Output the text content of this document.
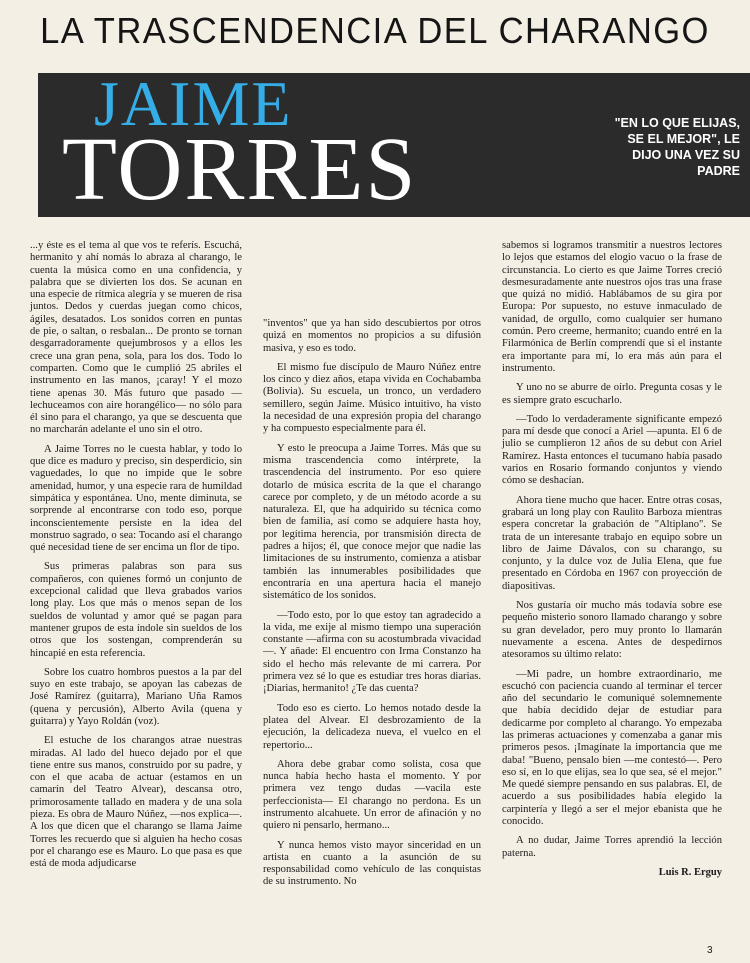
LA TRASCENDENCIA DEL CHARANGO
JAIME
TORRES	"EN LO QUE ELIJAS, SE EL MEJOR", LE DIJO UNA VEZ SU PADRE

...y éste es el tema al que vos te referís. Escuchá, hermanito y ahí nomás lo abraza al charango, le cuenta la música como en una confidencia, y palabra que se divierten los dos. Se acunan en una especie de rítmica alegría y se mueren de risa juntos. Dedos y cuerdas juegan como chicos, ágiles, desatados. Los sonidos corren en puntas de pie, o saltan, o resbalan... De pronto se tornan desgarradoramente quejumbrosos y a ellos les crece una gran pena, sola, para los dos. Todo lo comparten. Como que le cumplió 25 abriles el instrumento en las manos, ¡caray! Y el mozo tiene apenas 30. Más futuro que pasado —lechuceamos con aire horangélico— no sólo para él sino para el charango, ya que se descuenta que no marcharán adelante el uno sin el otro.

A Jaime Torres no le cuesta hablar, y todo lo que dice es maduro y preciso, sin desperdicio, sin vaguedades, lo que no impide que le sobre amenidad, humor, y una especie rara de humildad simpática y espontánea. Uno, mente diminuta, se sorprende al encontrarse con todo eso, porque inconscientemente persiste en la idea del monstruo sagrado, o sea: Tocando así el charango qué necesidad tiene de ser encima un flor de tipo.

Sus primeras palabras son para sus compañeros, con quienes formó un conjunto de excepcional calidad que lleva grabados varios long play. Los que más o menos sepan de los sueldos de voluntad y amor qué se pagan para mantener grupos de esta índole sin sueldos de los otros que los sostengan, comprenderán su hincapié en esta referencia.

Sobre los cuatro hombros puestos a la par del suyo en este trabajo, se apoyan las cabezas de José Ramírez (guitarra), Mariano Uña Ramos (quena y percusión), Alberto Avila (quena y guitarra) y Yayo Roldán (voz).

El estuche de los charangos atrae nuestras miradas. Al lado del hueco dejado por el que tiene entre sus manos, construido por su padre, y con el que acaba de actuar (estamos en un camarín del Teatro Alvear), descansa otro, primorosamente tallado en madera y de una sola pieza. Es obra de Mauro Núñez, —nos explica—. A los que dicen que el charango se llama Jaime Torres les recuerdo que si alguien ha hecho cosas por el charango ese es Mauro. Lo que pasa es que está de moda adjudicarse

"inventos" que ya han sido descubiertos por otros quizá en momentos no propicios a su difusión masiva, y eso es todo.

El mismo fue discípulo de Mauro Núñez entre los cinco y diez años, etapa vivida en Cochabamba (Bolivia). Su escuela, un tronco, un verdadero semillero, según Jaime. Músico intuitivo, ha visto la necesidad de una expresión propia del charango y ha compuesto especialmente para él.

Y esto le preocupa a Jaime Torres. Más que su misma trascendencia como intérprete, la trascendencia del instrumento. Por eso quiere dotarlo de música escrita de la que el charango carece por completo, y de un método acorde a su naturaleza. El, que ha adquirido su técnica como bien de familia, así como se adquiere hasta hoy, por legítima herencia, por transmisión directa de padres a hijos; él, que conoce mejor que nadie las limitaciones de su instrumento, comienza a atisbar también las innumerables posibilidades que encontraría en una apertura hacia el manejo sistemático de los sonidos.

—Todo esto, por lo que estoy tan agradecido a la vida, me exije al mismo tiempo una superación constante —afirma con su acostumbrada vivacidad—. Y añade: El encuentro con Irma Constanzo ha sido el hecho más relevante de mi carrera. Por primera vez sé lo que es estudiar tres horas diarias. ¡Diarias, hermanito! ¿Te das cuenta?

Todo eso es cierto. Lo hemos notado desde la platea del Alvear. El desbrozamiento de la ejecución, la delicadeza nueva, el vuelco en el repertorio...

Ahora debe grabar como solista, cosa que nunca había hecho hasta el momento. Y por primera vez tengo dudas —vacila este perfeccionista— El charango no perdona. Es un instrumento alcahuete. Un error de afinación y no quiero ni pensarlo, hermano...

Y nunca hemos visto mayor sinceridad en un artista en cuanto a la asunción de su responsabilidad como vehículo de las conquistas de su instrumento. No

sabemos si logramos transmitir a nuestros lectores lo lejos que estamos del elogio vacuo o la frase de circunstancia. Lo cierto es que Jaime Torres creció desmesuradamente ante nuestros ojos tras una frase que quizá no midió. Hablábamos de su gira por Europa: Por supuesto, no estuve inmaculado de vanidad, de orgullo, como cualquier ser humano común. Pero creeme, hermanito; cuando entré en la Filarmónica de Berlín comprendí que si el instante era importante para mí, lo era más aún para el instrumento.

Y uno no se aburre de oírlo. Pregunta cosas y le es siempre grato escucharlo.

—Todo lo verdaderamente significante empezó para mí desde que conocí a Ariel —apunta. El 6 de julio se cumplieron 12 años de su debut con Ariel Ramírez. Hasta entonces el tucumano había pasado varios en Rosario formando conjuntos y viendo cómo se deshacían.

Ahora tiene mucho que hacer. Entre otras cosas, grabará un long play con Raulito Barboza mientras espera concretar la grabación de "Altiplano". Se trata de un interesante trabajo en equipo sobre un libro de Jaime Dávalos, con su charango, su conjunto, y la dulce voz de Julia Elena, que fue presentado en Córdoba en 1967 con proyección de diapositivas.

Nos gustaría oír mucho más todavía sobre ese pequeño misterio sonoro llamado charango y sobre su gran develador, pero muy pronto lo llamarán nuevamente a escena. Antes de despedirnos atesoramos su último relato:

—Mi padre, un hombre extraordinario, me escuchó con paciencia cuando al terminar el tercer año del secundario le comuniqué solemnemente que había decidido dejar de estudiar para dedicarme por completo al charango. Yo empezaba las primeras actuaciones y comenzaba a ganar mis primeros pesos. ¡Imagínate la importancia que me daba! "Bueno, pensalo bien —me contestó—. Pero eso sí, en lo que elijas, sea lo que sea, sé el mejor." Me quedé siempre pensando en sus palabras. El, de acuerdo a sus posibilidades había elegido la carpintería y llegó a ser el mejor ebanista que he conocido.

A no dudar, Jaime Torres aprendió la lección paterna.

Luis R. Erguy
3
